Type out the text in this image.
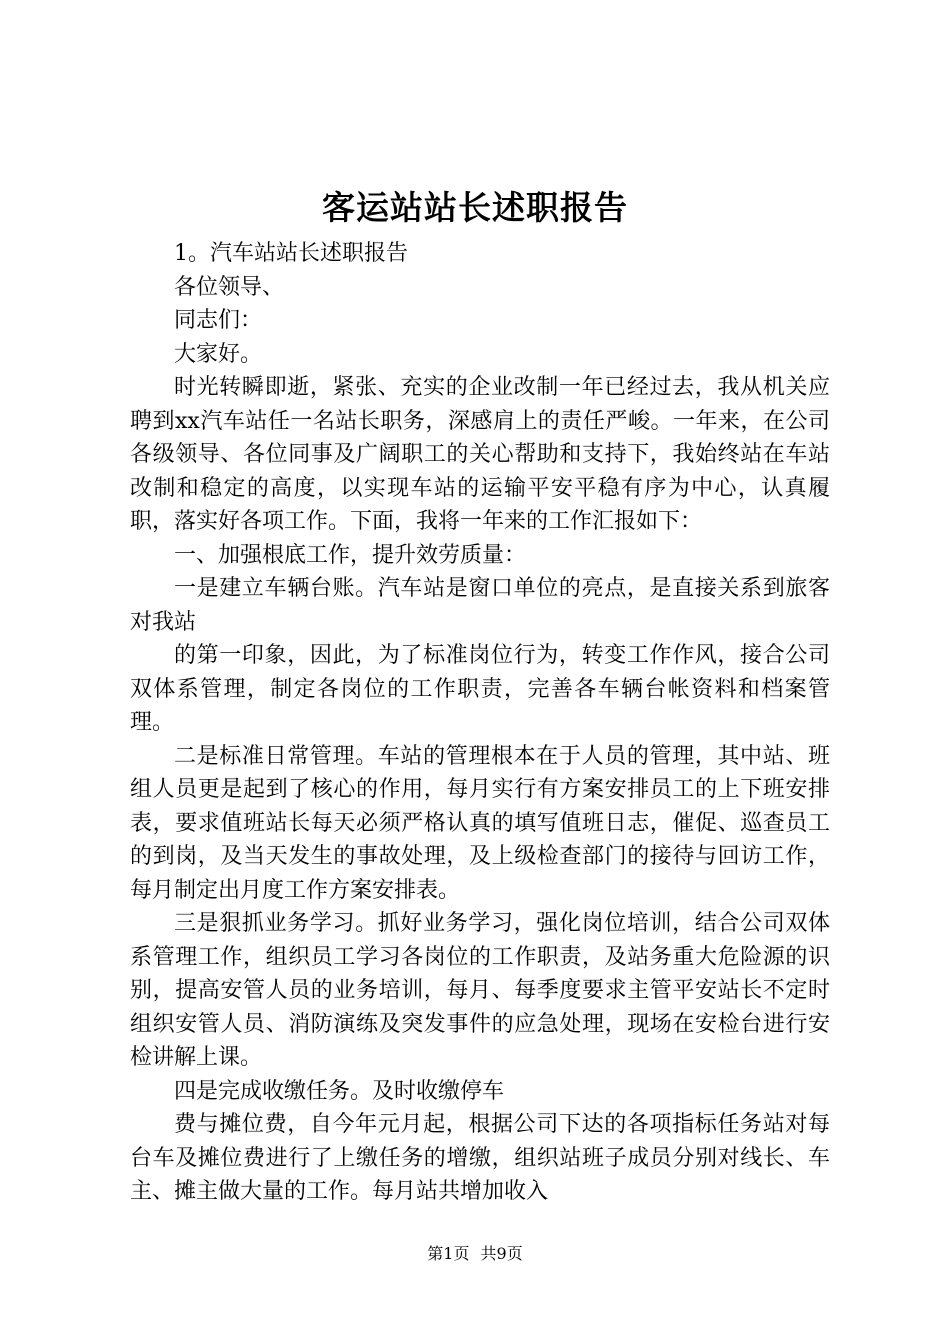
客运站站长述职报告

1。汽车站站长述职报告

各位领导、

同志们：

大家好。

时光转瞬即逝，紧张、充实的企业改制一年已经过去，我从机关应聘到xx汽车站任一名站长职务，深感肩上的责任严峻。一年来，在公司各级领导、各位同事及广阔职工的关心帮助和支持下，我始终站在车站改制和稳定的高度，以实现车站的运输平安平稳有序为中心，认真履职，落实好各项工作。下面，我将一年来的工作汇报如下：

一、加强根底工作，提升效劳质量：

一是建立车辆台账。汽车站是窗口单位的亮点，是直接关系到旅客对我站

的第一印象，因此，为了标准岗位行为，转变工作作风，接合公司双体系管理，制定各岗位的工作职责，完善各车辆台帐资料和档案管理。

二是标准日常管理。车站的管理根本在于人员的管理，其中站、班组人员更是起到了核心的作用，每月实行有方案安排员工的上下班安排表，要求值班站长每天必须严格认真的填写值班日志，催促、巡查员工的到岗，及当天发生的事故处理，及上级检查部门的接待与回访工作，每月制定出月度工作方案安排表。

三是狠抓业务学习。抓好业务学习，强化岗位培训，结合公司双体系管理工作，组织员工学习各岗位的工作职责，及站务重大危险源的识别，提高安管人员的业务培训，每月、每季度要求主管平安站长不定时组织安管人员、消防演练及突发事件的应急处理，现场在安检台进行安检讲解上课。

四是完成收缴任务。及时收缴停车

费与摊位费，自今年元月起，根据公司下达的各项指标任务站对每台车及摊位费进行了上缴任务的增缴，组织站班子成员分别对线长、车主、摊主做大量的工作。每月站共增加收入

第1页 共9页
